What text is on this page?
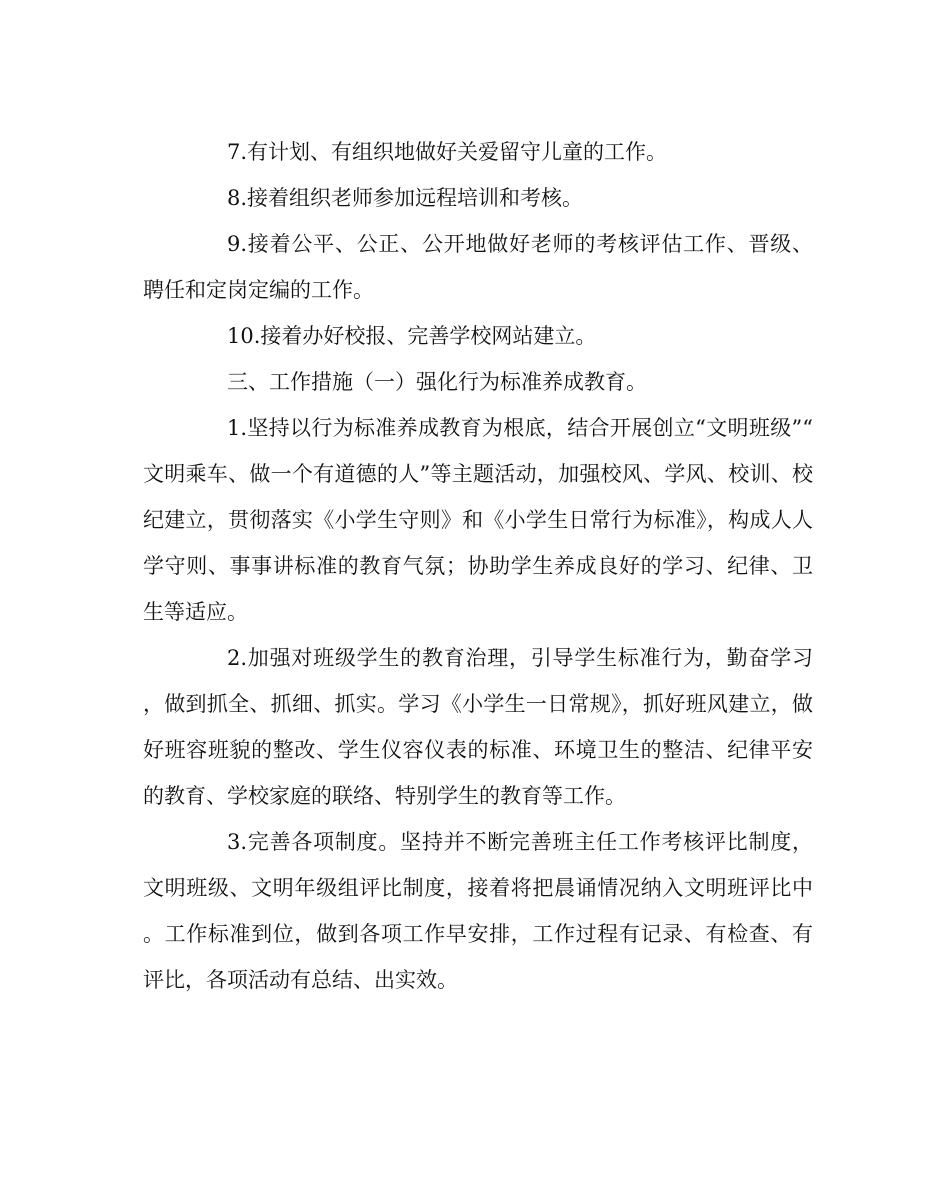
7.有计划、有组织地做好关爱留守儿童的工作。

8.接着组织老师参加远程培训和考核。

9.接着公平、公正、公开地做好老师的考核评估工作、晋级、聘任和定岗定编的工作。

10.接着办好校报、完善学校网站建立。

三、工作措施（一）强化行为标准养成教育。

1.坚持以行为标准养成教育为根底，结合开展创立“文明班级”“文明乘车、做一个有道德的人”等主题活动，加强校风、学风、校训、校纪建立，贯彻落实《小学生守则》和《小学生日常行为标准》，构成人人学守则、事事讲标准的教育气氛；协助学生养成良好的学习、纪律、卫生等适应。

2.加强对班级学生的教育治理，引导学生标准行为，勤奋学习，做到抓全、抓细、抓实。学习《小学生一日常规》，抓好班风建立，做好班容班貌的整改、学生仪容仪表的标准、环境卫生的整洁、纪律平安的教育、学校家庭的联络、特别学生的教育等工作。

3.完善各项制度。坚持并不断完善班主任工作考核评比制度，文明班级、文明年级组评比制度，接着将把晨诵情况纳入文明班评比中。工作标准到位，做到各项工作早安排，工作过程有记录、有检查、有评比，各项活动有总结、出实效。
